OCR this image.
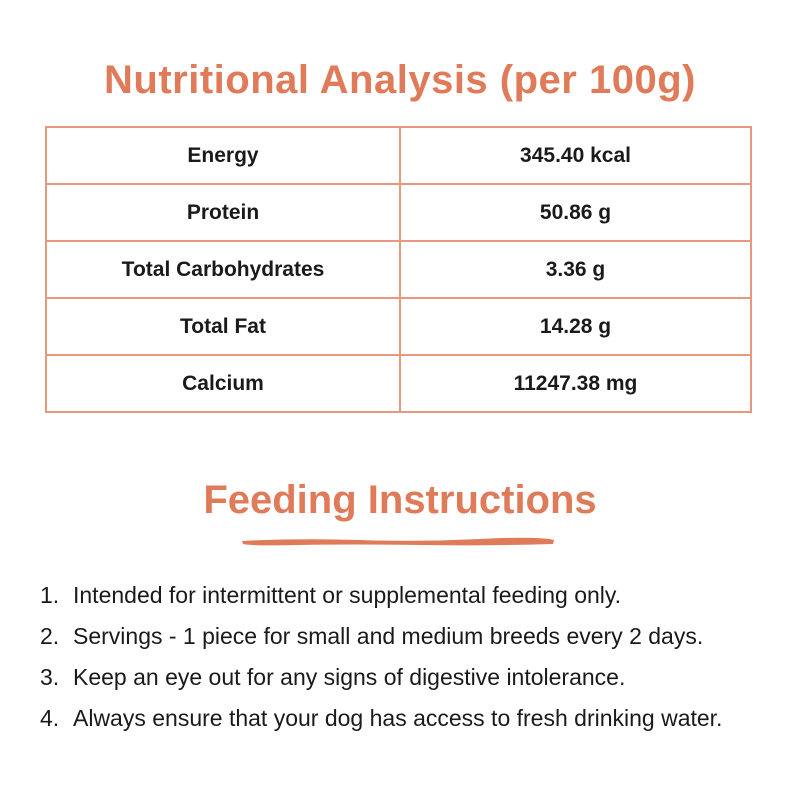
Nutritional Analysis (per 100g)
Energy	345.40 kcal
Protein	50.86 g
Total Carbohydrates	3.36 g
Total Fat	14.28 g
Calcium	11247.38 mg
Feeding Instructions
1. Intended for intermittent or supplemental feeding only.
2. Servings - 1 piece for small and medium breeds every 2 days.
3. Keep an eye out for any signs of digestive intolerance.
4. Always ensure that your dog has access to fresh drinking water.
